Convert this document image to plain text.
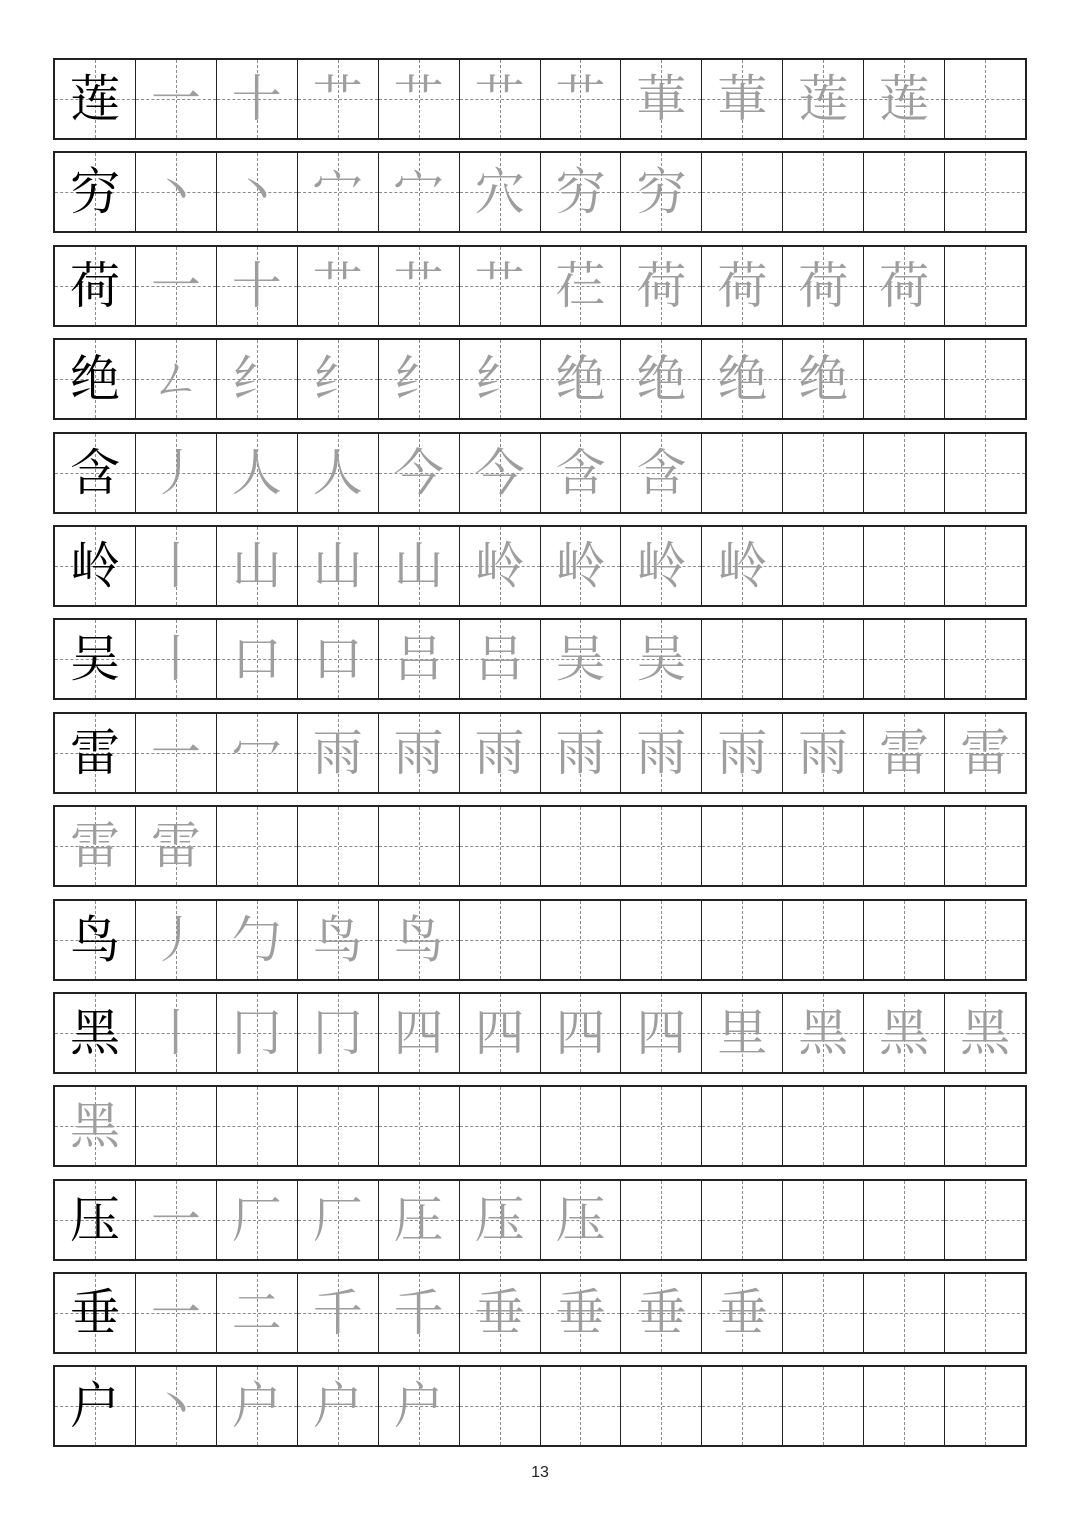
莲 一 十 艹 艹 艹 艹 莗 莗 莲 莲
穷 丶 丶 宀 宀 穴 穷 穷
荷 一 十 艹 艹 艹 芢 荷 荷 荷 荷
绝 ㄥ 纟 纟 纟 纟 绝 绝 绝 绝
含 丿 人 人 今 今 含 含
岭 丨 山 山 山 岭 岭 岭 岭
吴 丨 口 口 吕 吕 吴 吴
雷 一 冖 雨 雨 雨 雨 雨 雨 雨 雷 雷
雷 雷
鸟 丿 勹 鸟 鸟
黑 丨 冂 冂 四 四 四 四 里 黑 黑 黑
黑
压 一 厂 厂 圧 压 压
垂 一 二 千 千 垂 垂 垂 垂
户 丶 户 户 户
13
